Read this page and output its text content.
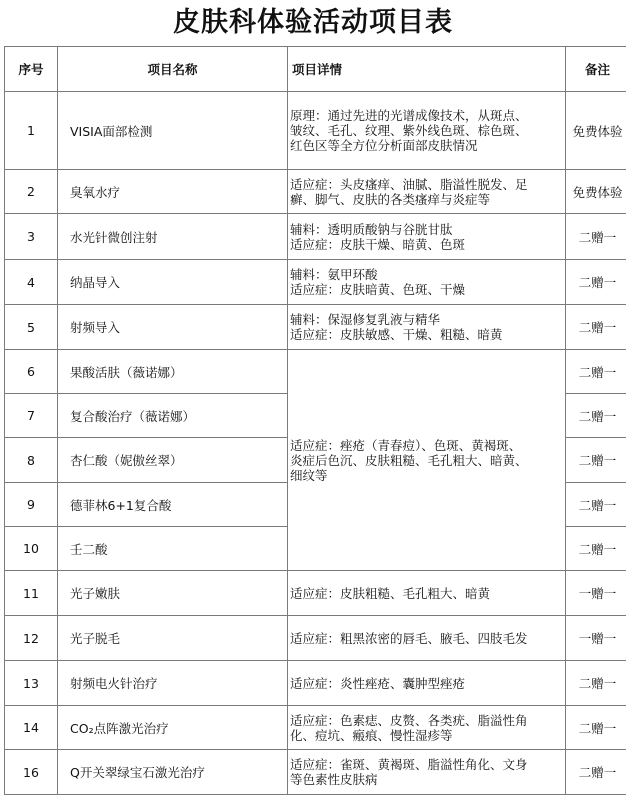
皮肤科体验活动项目表
序号	项目名称	项目详情	备注
1	VISIA面部检测	原理：通过先进的光谱成像技术，从斑点、
皱纹、毛孔、纹理、紫外线色斑、棕色斑、
红色区等全方位分析面部皮肤情况	免费体验
2	臭氧水疗	适应症：头皮瘙痒、油腻、脂溢性脱发、足
癣、脚气、皮肤的各类瘙痒与炎症等	免费体验
3	水光针微创注射	辅料：透明质酸钠与谷胱甘肽
适应症：皮肤干燥、暗黄、色斑	二赠一
4	纳晶导入	辅料：氨甲环酸
适应症：皮肤暗黄、色斑、干燥	二赠一
5	射频导入	辅料：保湿修复乳液与精华
适应症：皮肤敏感、干燥、粗糙、暗黄	二赠一
6	果酸活肤（薇诺娜）	适应症：痤疮（青春痘）、色斑、黄褐斑、
炎症后色沉、皮肤粗糙、毛孔粗大、暗黄、
细纹等	二赠一
7	复合酸治疗（薇诺娜）		二赠一
8	杏仁酸（妮傲丝翠）		二赠一
9	德菲林6+1复合酸		二赠一
10	壬二酸		二赠一
11	光子嫩肤	适应症：皮肤粗糙、毛孔粗大、暗黄	一赠一
12	光子脱毛	适应症：粗黑浓密的唇毛、腋毛、四肢毛发	一赠一
13	射频电火针治疗	适应症：炎性痤疮、囊肿型痤疮	二赠一
14	CO₂点阵激光治疗	适应症：色素痣、皮赘、各类疣、脂溢性角
化、痘坑、瘢痕、慢性湿疹等	二赠一
16	Q开关翠绿宝石激光治疗	适应症：雀斑、黄褐斑、脂溢性角化、文身
等色素性皮肤病	二赠一
